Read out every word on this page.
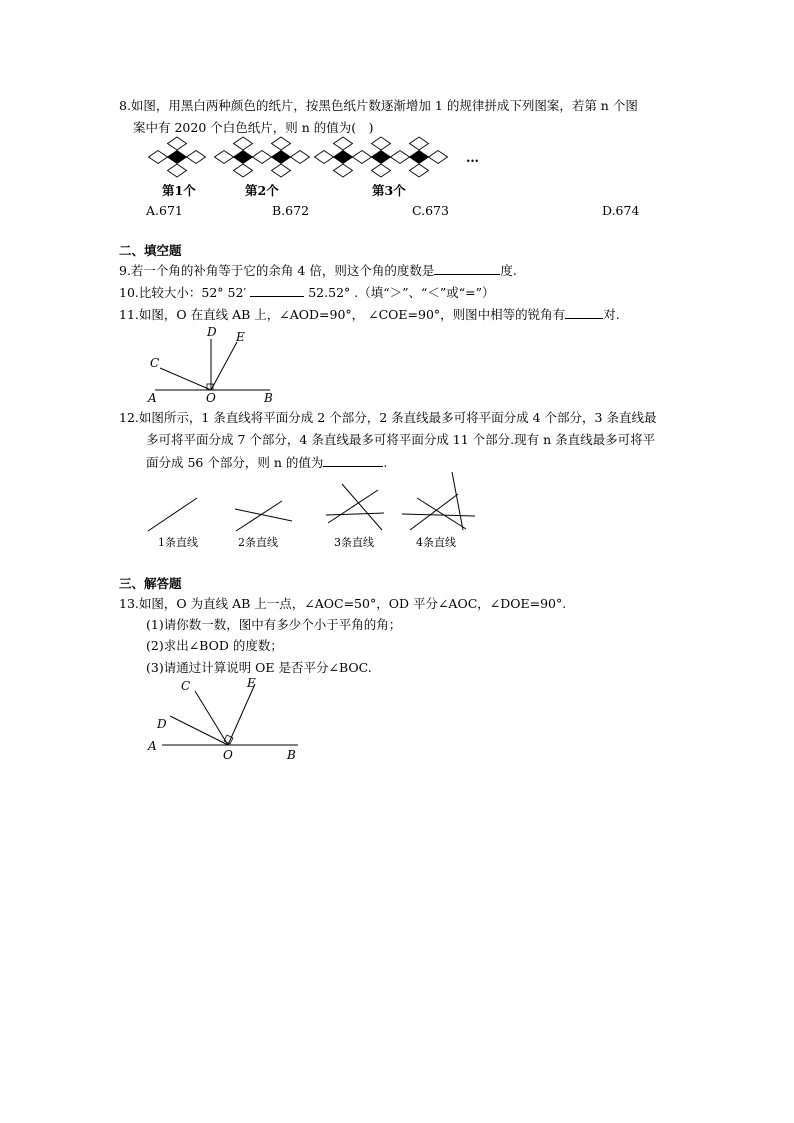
8.如图，用黑白两种颜色的纸片，按黑色纸片数逐渐增加 1 的规律拼成下列图案，若第 n 个图
案中有 2020 个白色纸片，则 n 的值为(　)
…
第1个	第2个	第3个
A.671	B.672	C.673	D.674
二、填空题
9.若一个角的补角等于它的余角 4 倍，则这个角的度数是	度.
10.比较大小：52° 52′	52.52° .（填“＞”、“＜”或“=”）
11.如图，O 在直线 AB 上，∠AOD=90°， ∠COE=90°，则图中相等的锐角有	对.
A	B
C
D E
O
12.如图所示，1 条直线将平面分成 2 个部分，2 条直线最多可将平面分成 4 个部分，3 条直线最
多可将平面分成 7 个部分，4 条直线最多可将平面分成 11 个部分.现有 n 条直线最多可将平
面分成 56 个部分，则 n 的值为	.
1条直线	2条直线	3条直线	4条直线
三、解答题
13.如图，O 为直线 AB 上一点，∠AOC=50°，OD 平分∠AOC，∠DOE=90°.
(1)请你数一数，图中有多少个小于平角的角；
(2)求出∠BOD 的度数；
(3)请通过计算说明 OE 是否平分∠BOC.
A
B
C
D
E
O
